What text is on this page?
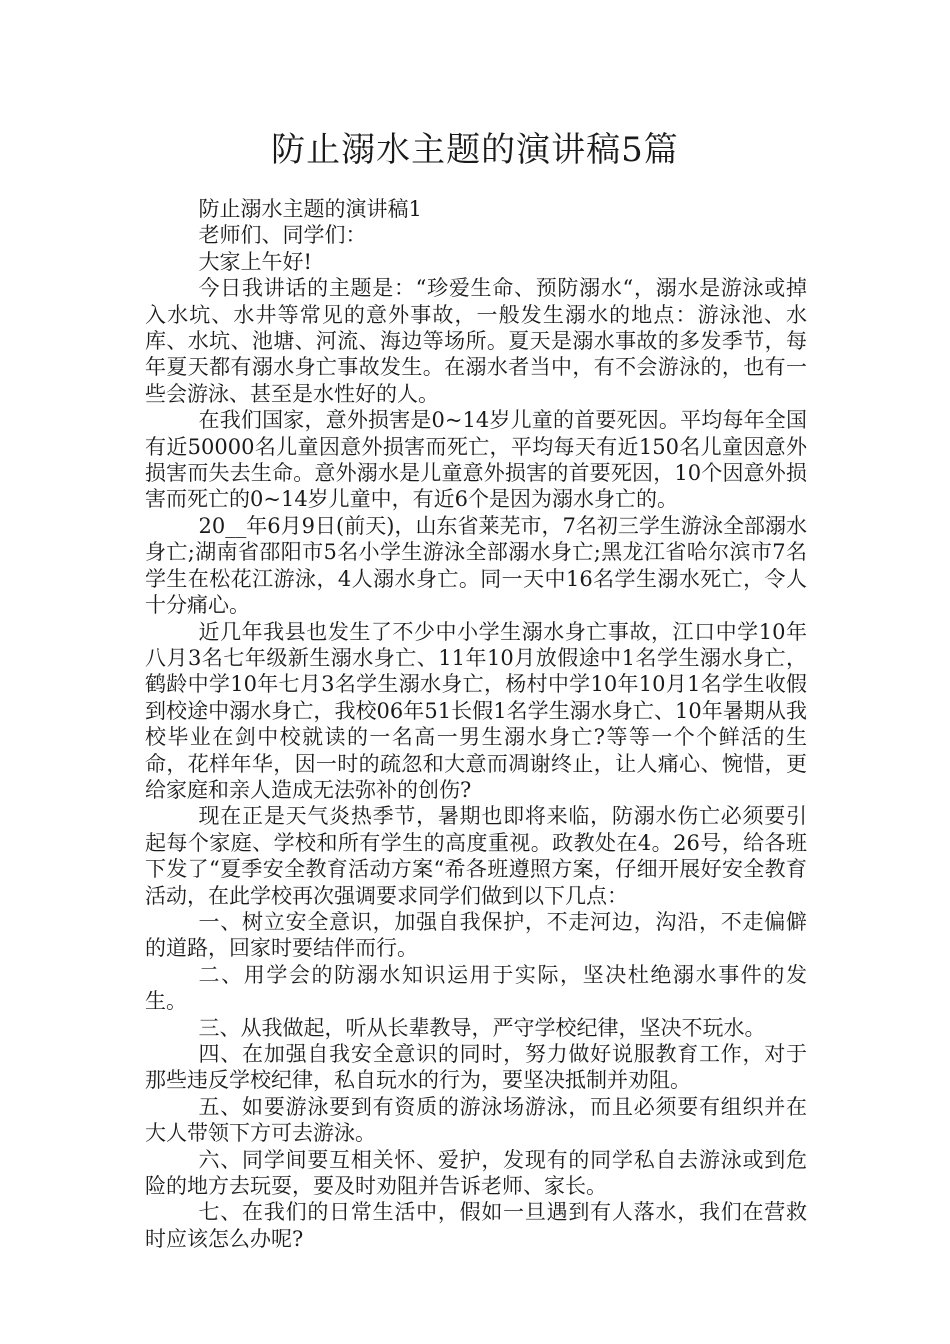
防止溺水主题的演讲稿5篇

防止溺水主题的演讲稿1

老师们、同学们：

大家上午好!

今日我讲话的主题是：“珍爱生命、预防溺水“，溺水是游泳或掉入水坑、水井等常见的意外事故，一般发生溺水的地点：游泳池、水库、水坑、池塘、河流、海边等场所。夏天是溺水事故的多发季节，每年夏天都有溺水身亡事故发生。在溺水者当中，有不会游泳的，也有一些会游泳、甚至是水性好的人。

在我们国家，意外损害是0~14岁儿童的首要死因。平均每年全国有近50000名儿童因意外损害而死亡，平均每天有近150名儿童因意外损害而失去生命。意外溺水是儿童意外损害的首要死因，10个因意外损害而死亡的0~14岁儿童中，有近6个是因为溺水身亡的。

20__年6月9日(前天)，山东省莱芜市，7名初三学生游泳全部溺水身亡;湖南省邵阳市5名小学生游泳全部溺水身亡;黑龙江省哈尔滨市7名学生在松花江游泳，4人溺水身亡。同一天中16名学生溺水死亡，令人十分痛心。

近几年我县也发生了不少中小学生溺水身亡事故，江口中学10年八月3名七年级新生溺水身亡、11年10月放假途中1名学生溺水身亡，鹤龄中学10年七月3名学生溺水身亡，杨村中学10年10月1名学生收假到校途中溺水身亡，我校06年51长假1名学生溺水身亡、10年暑期从我校毕业在剑中校就读的一名高一男生溺水身亡?等等一个个鲜活的生命，花样年华，因一时的疏忽和大意而凋谢终止，让人痛心、惋惜，更给家庭和亲人造成无法弥补的创伤?

现在正是天气炎热季节，暑期也即将来临，防溺水伤亡必须要引起每个家庭、学校和所有学生的高度重视。政教处在4。26号，给各班下发了“夏季安全教育活动方案“希各班遵照方案，仔细开展好安全教育活动，在此学校再次强调要求同学们做到以下几点：

一、树立安全意识，加强自我保护，不走河边，沟沿，不走偏僻的道路，回家时要结伴而行。

二、用学会的防溺水知识运用于实际，坚决杜绝溺水事件的发生。

三、从我做起，听从长辈教导，严守学校纪律，坚决不玩水。

四、在加强自我安全意识的同时，努力做好说服教育工作，对于那些违反学校纪律，私自玩水的行为，要坚决抵制并劝阻。

五、如要游泳要到有资质的游泳场游泳，而且必须要有组织并在大人带领下方可去游泳。

六、同学间要互相关怀、爱护，发现有的同学私自去游泳或到危险的地方去玩耍，要及时劝阻并告诉老师、家长。

七、在我们的日常生活中，假如一旦遇到有人落水，我们在营救时应该怎么办呢?
